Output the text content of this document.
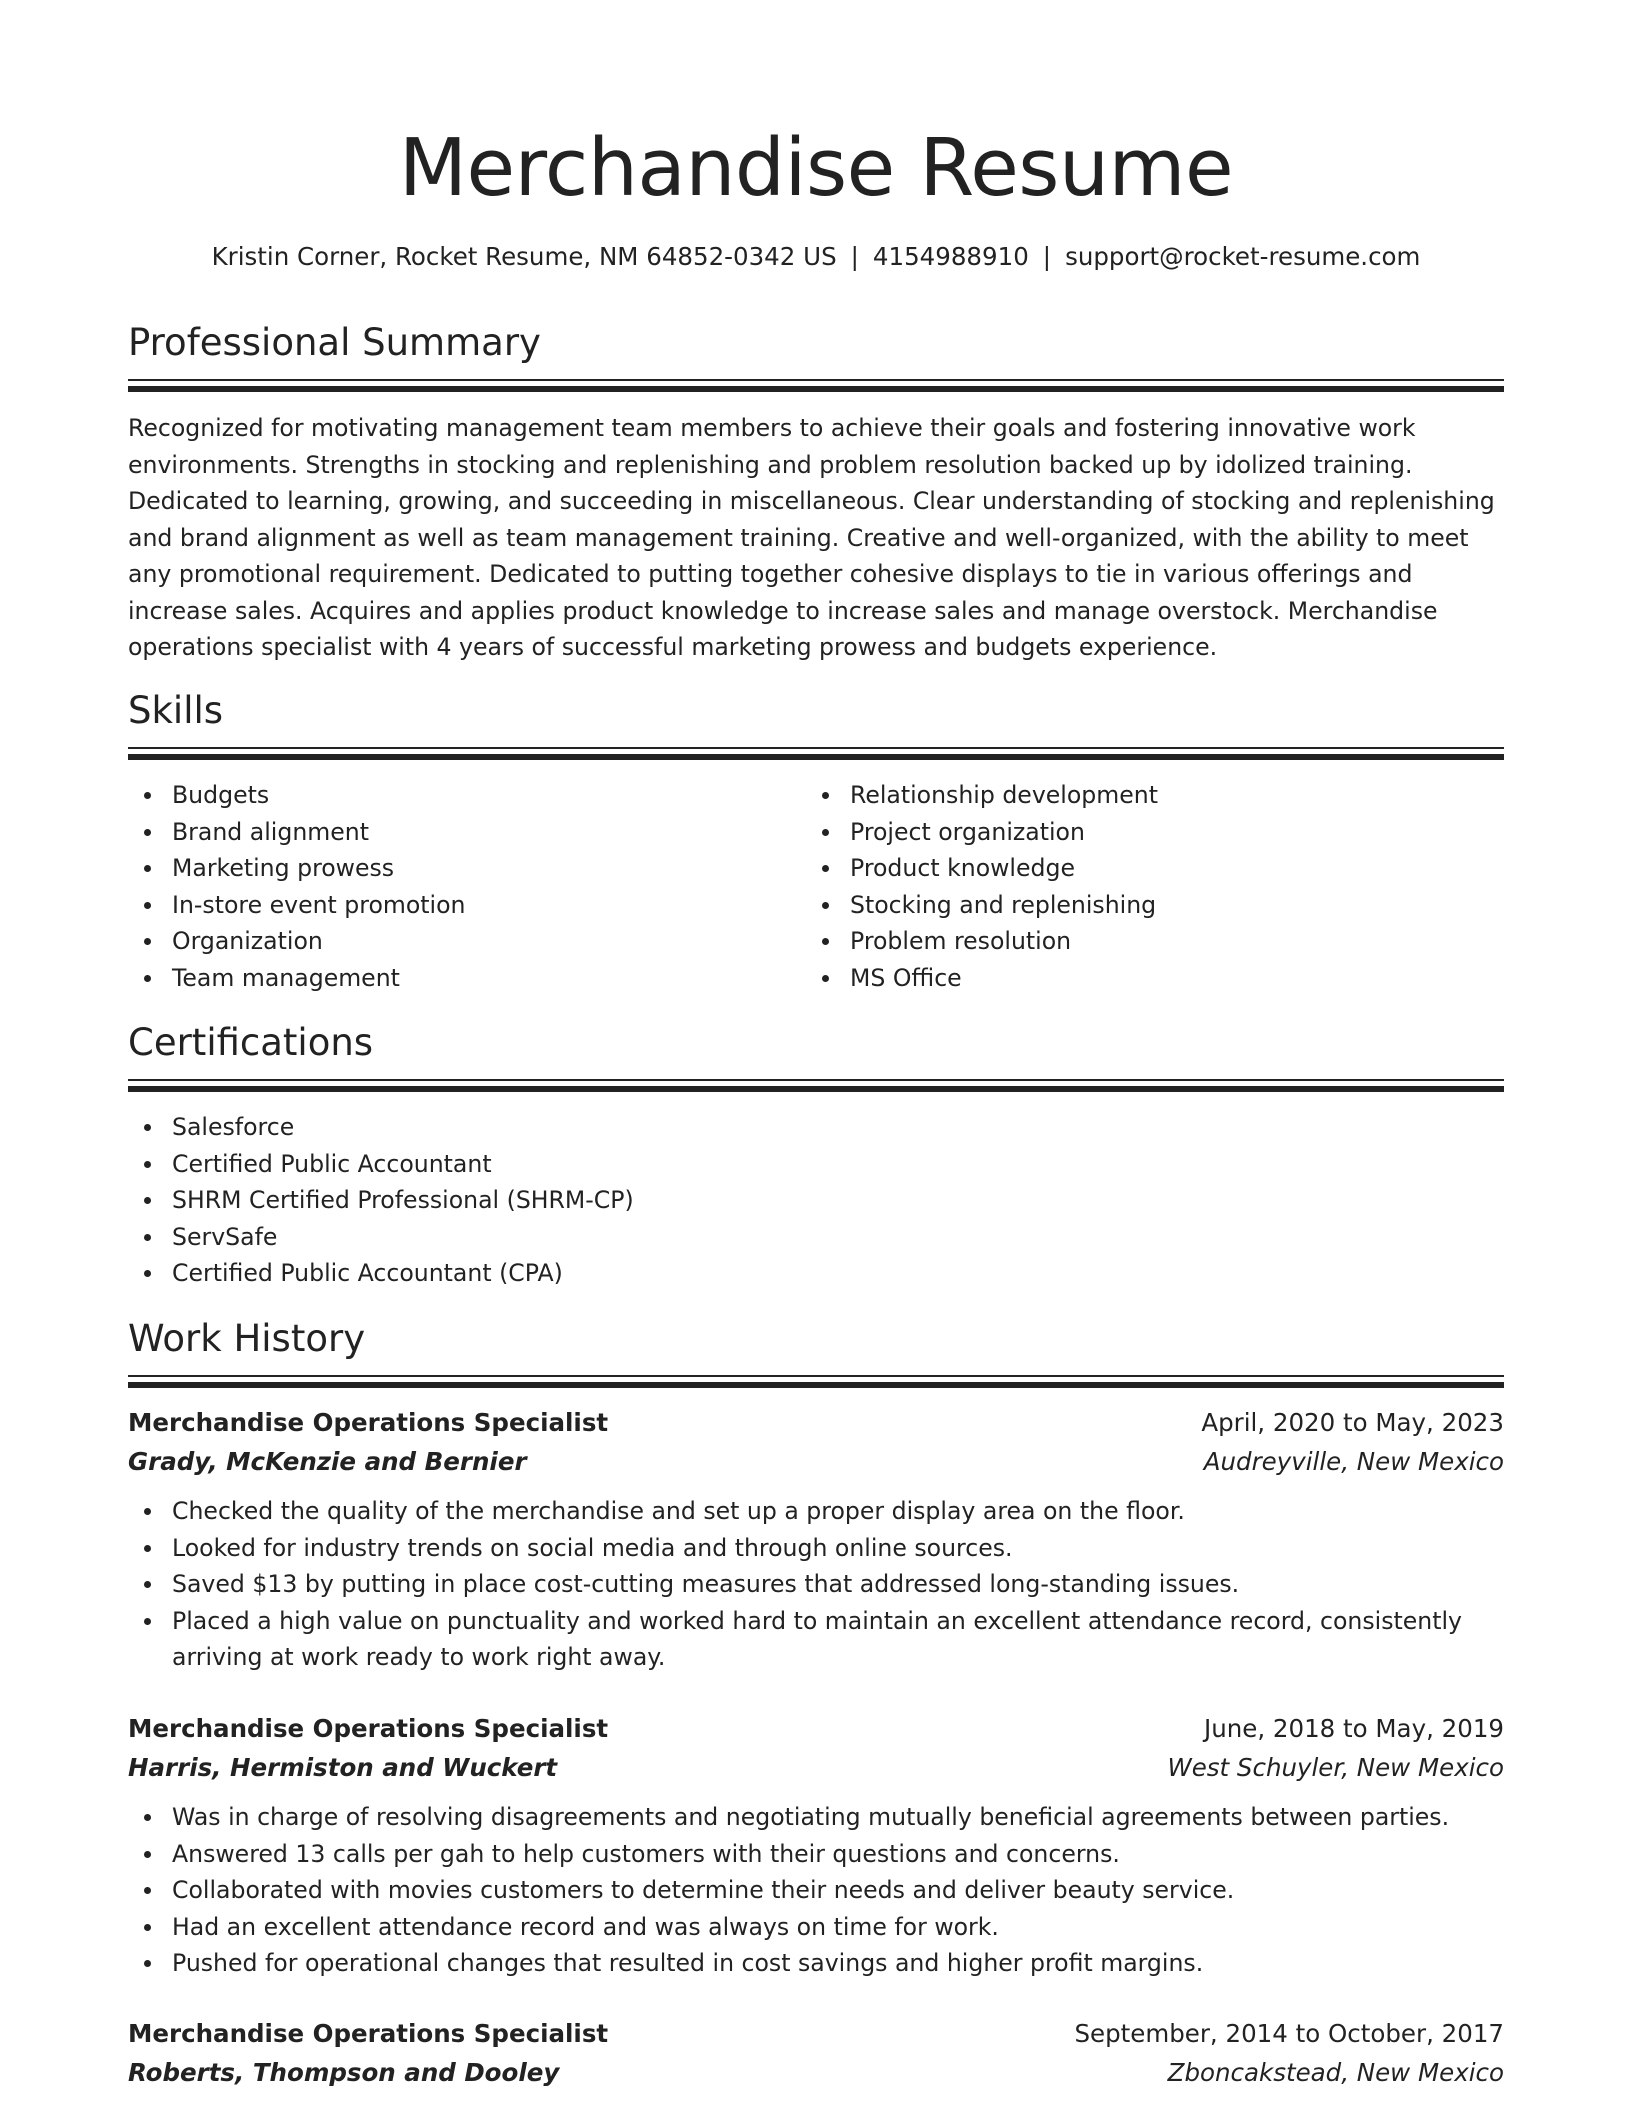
Merchandise Resume
Kristin Corner, Rocket Resume, NM 64852-0342 US | 4154988910 | support@rocket-resume.com
Professional Summary

Recognized for motivating management team members to achieve their goals and fostering innovative work environments. Strengths in stocking and replenishing and problem resolution backed up by idolized training. Dedicated to learning, growing, and succeeding in miscellaneous. Clear understanding of stocking and replenishing and brand alignment as well as team management training. Creative and well-organized, with the ability to meet any promotional requirement. Dedicated to putting together cohesive displays to tie in various offerings and increase sales. Acquires and applies product knowledge to increase sales and manage overstock. Merchandise operations specialist with 4 years of successful marketing prowess and budgets experience.

Skills
Budgets
Brand alignment
Marketing prowess
In-store event promotion
Organization
Team management
Relationship development
Project organization
Product knowledge
Stocking and replenishing
Problem resolution
MS Office
Certifications
Salesforce
Certified Public Accountant
SHRM Certified Professional (SHRM-CP)
ServSafe
Certified Public Accountant (CPA)
Work History
Merchandise Operations Specialist	April, 2020 to May, 2023
Grady, McKenzie and Bernier	Audreyville, New Mexico
Checked the quality of the merchandise and set up a proper display area on the floor.
Looked for industry trends on social media and through online sources.
Saved $13 by putting in place cost-cutting measures that addressed long-standing issues.
Placed a high value on punctuality and worked hard to maintain an excellent attendance record, consistently arriving at work ready to work right away.
Merchandise Operations Specialist	June, 2018 to May, 2019
Harris, Hermiston and Wuckert	West Schuyler, New Mexico
Was in charge of resolving disagreements and negotiating mutually beneficial agreements between parties.
Answered 13 calls per gah to help customers with their questions and concerns.
Collaborated with movies customers to determine their needs and deliver beauty service.
Had an excellent attendance record and was always on time for work.
Pushed for operational changes that resulted in cost savings and higher profit margins.
Merchandise Operations Specialist	September, 2014 to October, 2017
Roberts, Thompson and Dooley	Zboncakstead, New Mexico
